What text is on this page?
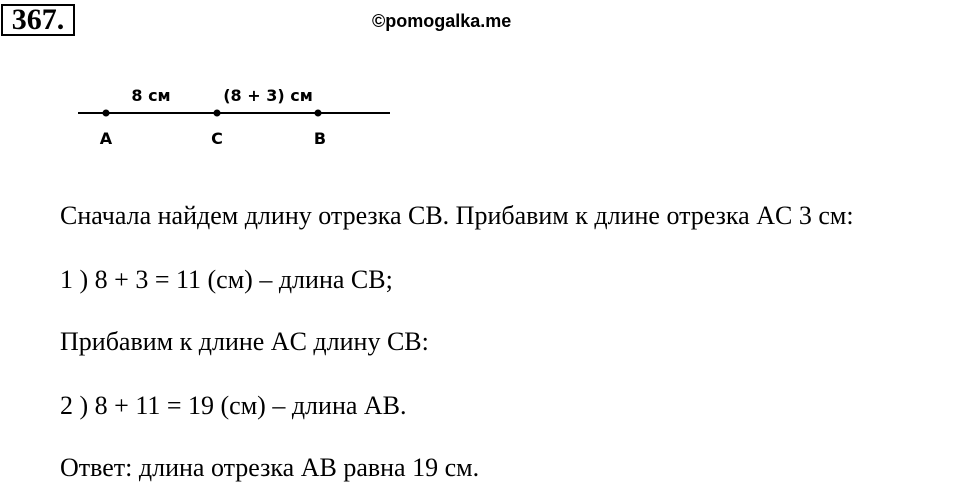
367.	©pomogalka.me
8 см	(8 + 3) см
A	C	B
Сначала найдем длину отрезка CB. Прибавим к длине отрезка AC 3 см:
1 ) 8 + 3 = 11 (см) – длина CB;
Прибавим к длине AC длину CB:
2 ) 8 + 11 = 19 (см) – длина AB.
Ответ: длина отрезка AB равна 19 см.
